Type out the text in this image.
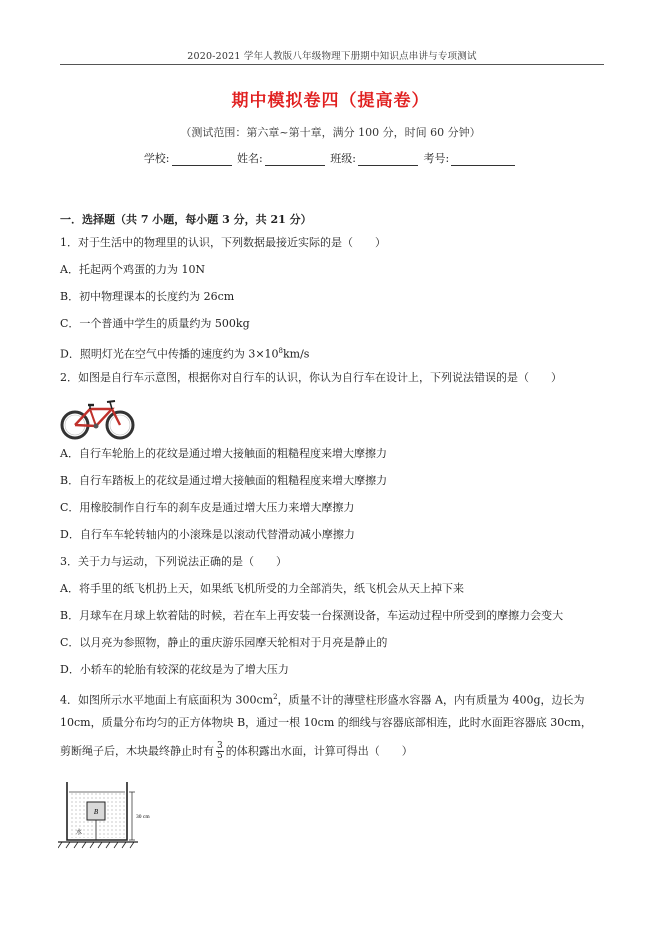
2020-2021 学年人教版八年级物理下册期中知识点串讲与专项测试
期中模拟卷四（提高卷）
（测试范围：第六章~第十章，满分 100 分，时间 60 分钟）
学校:	姓名:	班级:	考号:
一．选择题（共 7 小题，每小题 3 分，共 21 分）
1．对于生活中的物理里的认识，下列数据最接近实际的是（　　）
A．托起两个鸡蛋的力为 10N
B．初中物理课本的长度约为 26cm
C．一个普通中学生的质量约为 500kg
D．照明灯光在空气中传播的速度约为 $3\times 10^8km/s$
2．如图是自行车示意图，根据你对自行车的认识，你认为自行车在设计上，下列说法错误的是（　　）
A．自行车轮胎上的花纹是通过增大接触面的粗糙程度来增大摩擦力
B．自行车踏板上的花纹是通过增大接触面的粗糙程度来增大摩擦力
C．用橡胶制作自行车的刹车皮是通过增大压力来增大摩擦力
D．自行车车轮转轴内的小滚珠是以滚动代替滑动减小摩擦力
3．关于力与运动，下列说法正确的是（　　）
A．将手里的纸飞机扔上天，如果纸飞机所受的力全部消失，纸飞机会从天上掉下来
B．月球车在月球上软着陆的时候，若在车上再安装一台探测设备，车运动过程中所受到的摩擦力会变大
C．以月亮为参照物，静止的重庆游乐园摩天轮相对于月亮是静止的
D．小轿车的轮胎有较深的花纹是为了增大压力
4．如图所示水平地面上有底面积为 $300cm^2$，质量不计的薄壁柱形盛水容器 A，内有质量为 400g，边长为
10cm，质量分布均匀的正方体物块 B，通过一根 10cm 的细线与容器底部相连，此时水面距容器底 30cm，
剪断绳子后，木块最终静止时有 $\frac{3}{5}$ 的体积露出水面，计算可得出（　　）
B
水
30 cm
